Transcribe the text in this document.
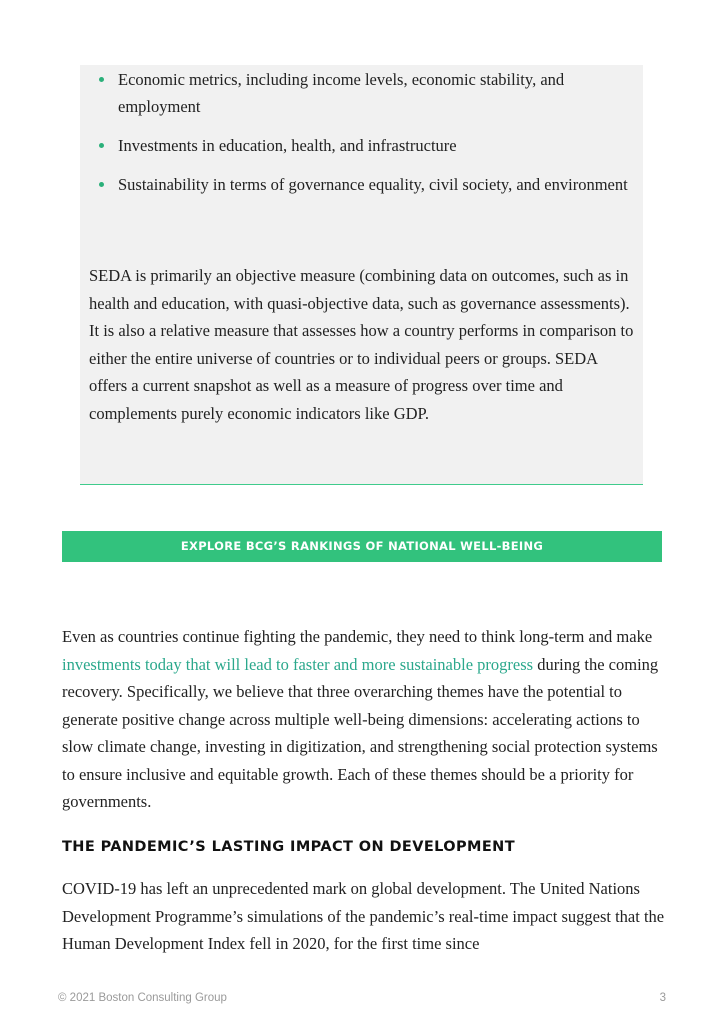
Economic metrics, including income levels, economic stability, and employment
Investments in education, health, and infrastructure
Sustainability in terms of governance equality, civil society, and environment

SEDA is primarily an objective measure (combining data on outcomes, such as in health and education, with quasi-objective data, such as governance assessments). It is also a relative measure that assesses how a country performs in comparison to either the entire universe of countries or to individual peers or groups. SEDA offers a current snapshot as well as a measure of progress over time and complements purely economic indicators like GDP.

EXPLORE BCG’S RANKINGS OF NATIONAL WELL-BEING

Even as countries continue fighting the pandemic, they need to think long-term and make investments today that will lead to faster and more sustainable progress during the coming recovery. Specifically, we believe that three overarching themes have the potential to generate positive change across multiple well-being dimensions: accelerating actions to slow climate change, investing in digitization, and strengthening social protection systems to ensure inclusive and equitable growth. Each of these themes should be a priority for governments.

THE PANDEMIC’S LASTING IMPACT ON DEVELOPMENT

COVID-19 has left an unprecedented mark on global development. The United Nations Development Programme’s simulations of the pandemic’s real-time impact suggest that the Human Development Index fell in 2020, for the first time since

© 2021 Boston Consulting Group	3
